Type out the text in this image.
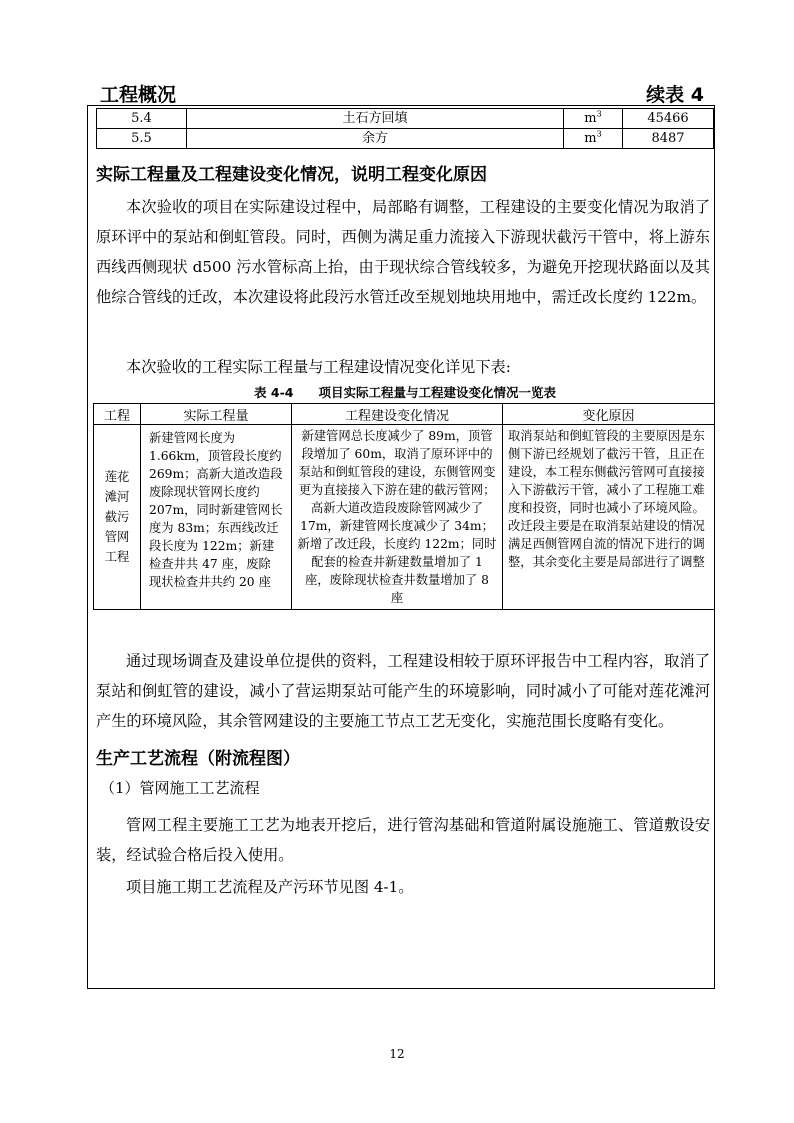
工程概况	续表 4
5.4	土石方回填	$m^3$	45466
5.5	余方	$m^3$	8487
实际工程量及工程建设变化情况，说明工程变化原因
本次验收的项目在实际建设过程中，局部略有调整，工程建设的主要变化情况为取消了原环评中的泵站和倒虹管段。同时，西侧为满足重力流接入下游现状截污干管中，将上游东西线西侧现状 d500 污水管标高上抬，由于现状综合管线较多，为避免开挖现状路面以及其他综合管线的迁改，本次建设将此段污水管迁改至规划地块用地中，需迁改长度约 122m。
本次验收的工程实际工程量与工程建设情况变化详见下表:
表 4-4　　项目实际工程量与工程建设变化情况一览表
工程	实际工程量	工程建设变化情况	变化原因
莲花滩河截污管网工程	新建管网长度为 1.66km，顶管段长度约 269m；高新大道改造段废除现状管网长度约 207m，同时新建管网长度为 83m；东西线改迁段长度为 122m；新建检查井共 47 座，废除现状检查井共约 20 座	新建管网总长度减少了 89m，顶管段增加了 60m，取消了原环评中的泵站和倒虹管段的建设，东侧管网变更为直接接入下游在建的截污管网；高新大道改造段废除管网减少了 17m，新建管网长度减少了 34m；新增了改迁段，长度约 122m；同时配套的检查井新建数量增加了 1 座，废除现状检查井数量增加了 8 座	取消泵站和倒虹管段的主要原因是东侧下游已经规划了截污干管，且正在建设，本工程东侧截污管网可直接接入下游截污干管，减小了工程施工难度和投资，同时也减小了环境风险。改迁段主要是在取消泵站建设的情况满足西侧管网自流的情况下进行的调整，其余变化主要是局部进行了调整
通过现场调查及建设单位提供的资料，工程建设相较于原环评报告中工程内容，取消了泵站和倒虹管的建设，减小了营运期泵站可能产生的环境影响，同时减小了可能对莲花滩河产生的环境风险，其余管网建设的主要施工节点工艺无变化，实施范围长度略有变化。
生产工艺流程（附流程图）
（1）管网施工工艺流程
管网工程主要施工工艺为地表开挖后，进行管沟基础和管道附属设施施工、管道敷设安装，经试验合格后投入使用。
项目施工期工艺流程及产污环节见图 4-1。
12
